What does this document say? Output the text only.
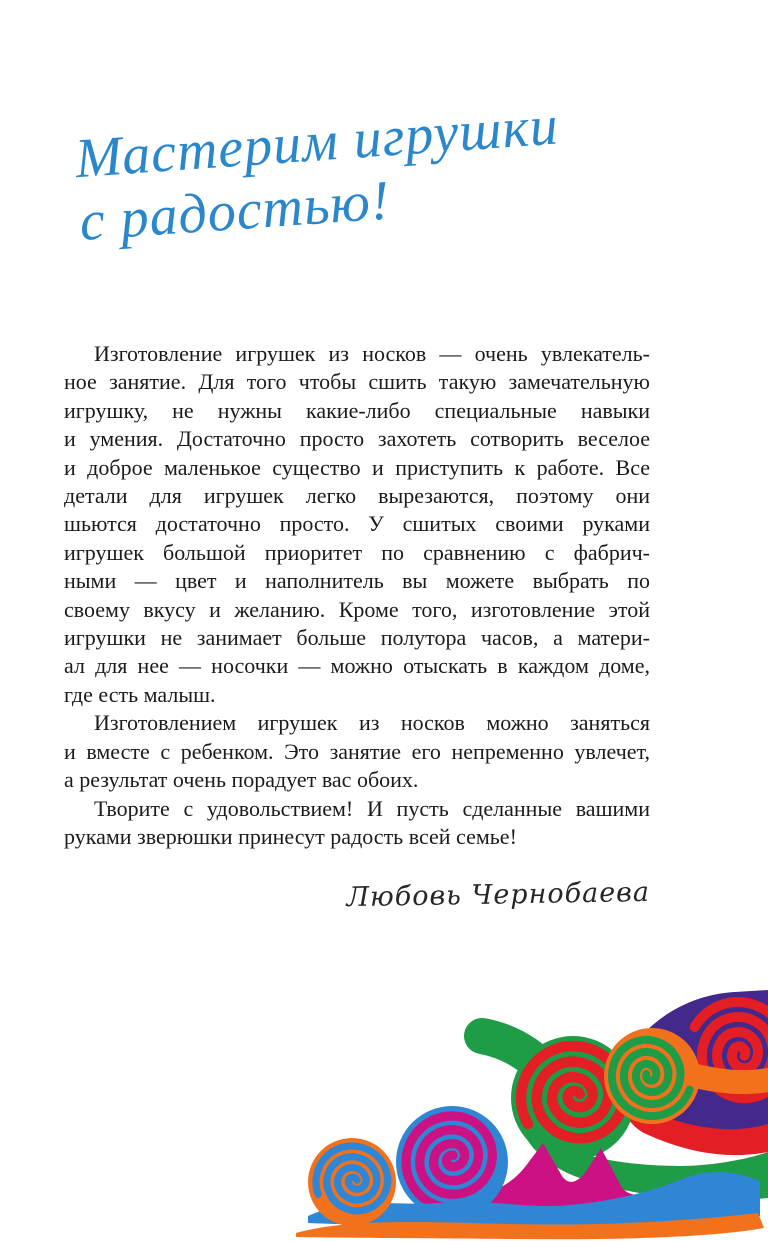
Мастерим игрушки
с радостью!
Изготовление игрушек из носков — очень увлекатель-
ное занятие. Для того чтобы сшить такую замечательную
игрушку, не нужны какие-либо специальные навыки
и умения. Достаточно просто захотеть сотворить веселое
и доброе маленькое существо и приступить к работе. Все
детали для игрушек легко вырезаются, поэтому они
шьются достаточно просто. У сшитых своими руками
игрушек большой приоритет по сравнению с фабрич-
ными — цвет и наполнитель вы можете выбрать по
своему вкусу и желанию. Кроме того, изготовление этой
игрушки не занимает больше полутора часов, а матери-
ал для нее — носочки — можно отыскать в каждом доме,
где есть малыш.
Изготовлением игрушек из носков можно заняться
и вместе с ребенком. Это занятие его непременно увлечет,
а результат очень порадует вас обоих.
Творите с удовольствием! И пусть сделанные вашими
руками зверюшки принесут радость всей семье!
Любовь Чернобаева
